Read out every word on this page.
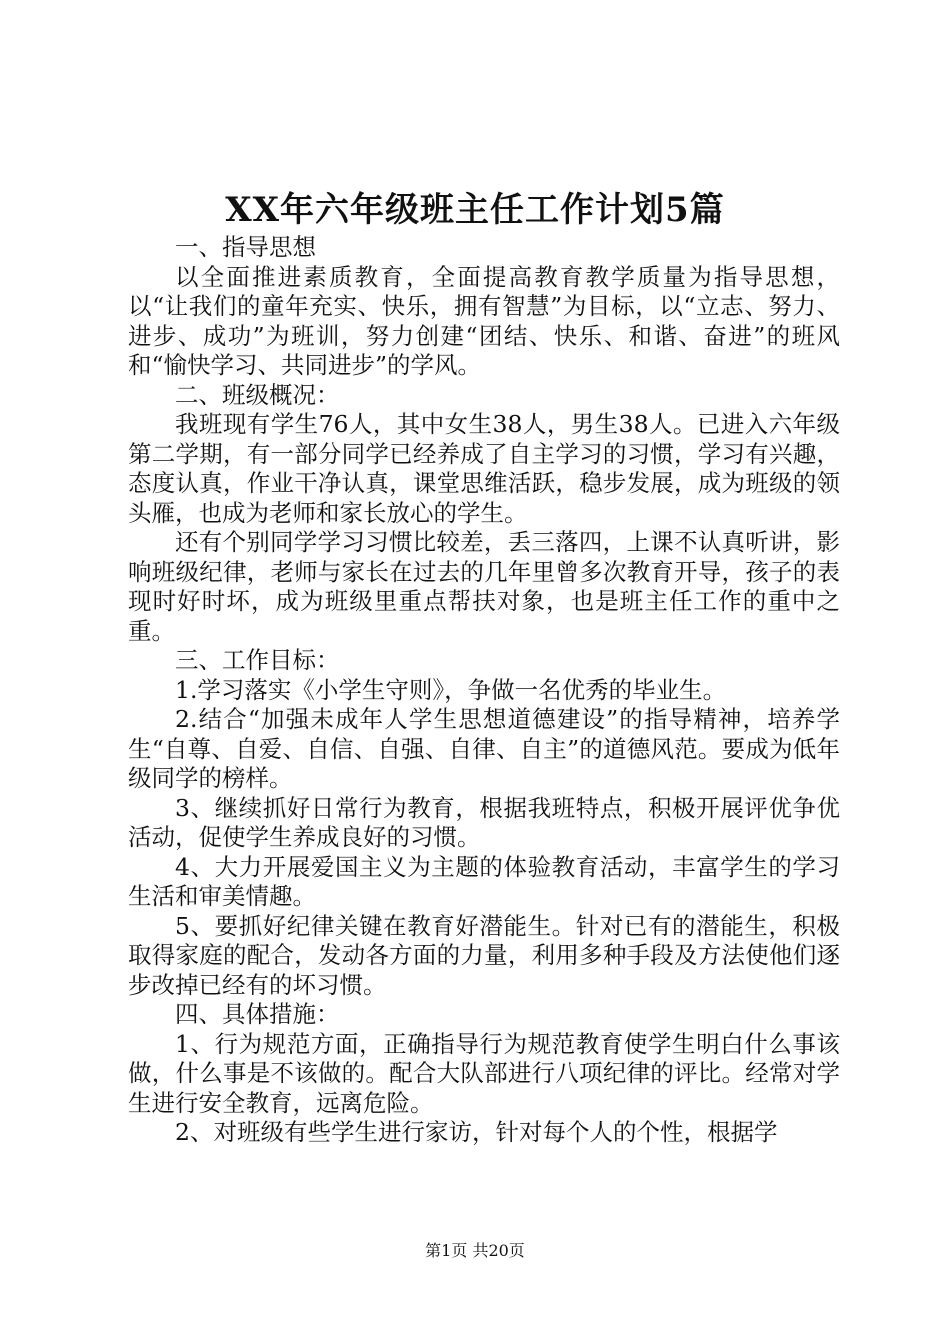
XX年六年级班主任工作计划5篇

一、指导思想

以全面推进素质教育，全面提高教育教学质量为指导思想，以“让我们的童年充实、快乐，拥有智慧”为目标，以“立志、努力、进步、成功”为班训，努力创建“团结、快乐、和谐、奋进”的班风和“愉快学习、共同进步”的学风。

二、班级概况：

我班现有学生76人，其中女生38人，男生38人。已进入六年级第二学期，有一部分同学已经养成了自主学习的习惯，学习有兴趣，态度认真，作业干净认真，课堂思维活跃，稳步发展，成为班级的领头雁，也成为老师和家长放心的学生。

还有个别同学学习习惯比较差，丢三落四，上课不认真听讲，影响班级纪律，老师与家长在过去的几年里曾多次教育开导，孩子的表现时好时坏，成为班级里重点帮扶对象，也是班主任工作的重中之重。

三、工作目标：

1.学习落实《小学生守则》，争做一名优秀的毕业生。

2.结合“加强未成年人学生思想道德建设”的指导精神，培养学生“自尊、自爱、自信、自强、自律、自主”的道德风范。要成为低年级同学的榜样。

3、继续抓好日常行为教育，根据我班特点，积极开展评优争优活动，促使学生养成良好的习惯。

4、大力开展爱国主义为主题的体验教育活动，丰富学生的学习生活和审美情趣。

5、要抓好纪律关键在教育好潜能生。针对已有的潜能生，积极取得家庭的配合，发动各方面的力量，利用多种手段及方法使他们逐步改掉已经有的坏习惯。

四、具体措施：

1、行为规范方面，正确指导行为规范教育使学生明白什么事该做，什么事是不该做的。配合大队部进行八项纪律的评比。经常对学生进行安全教育，远离危险。

2、对班级有些学生进行家访，针对每个人的个性，根据学

第1页 共20页
